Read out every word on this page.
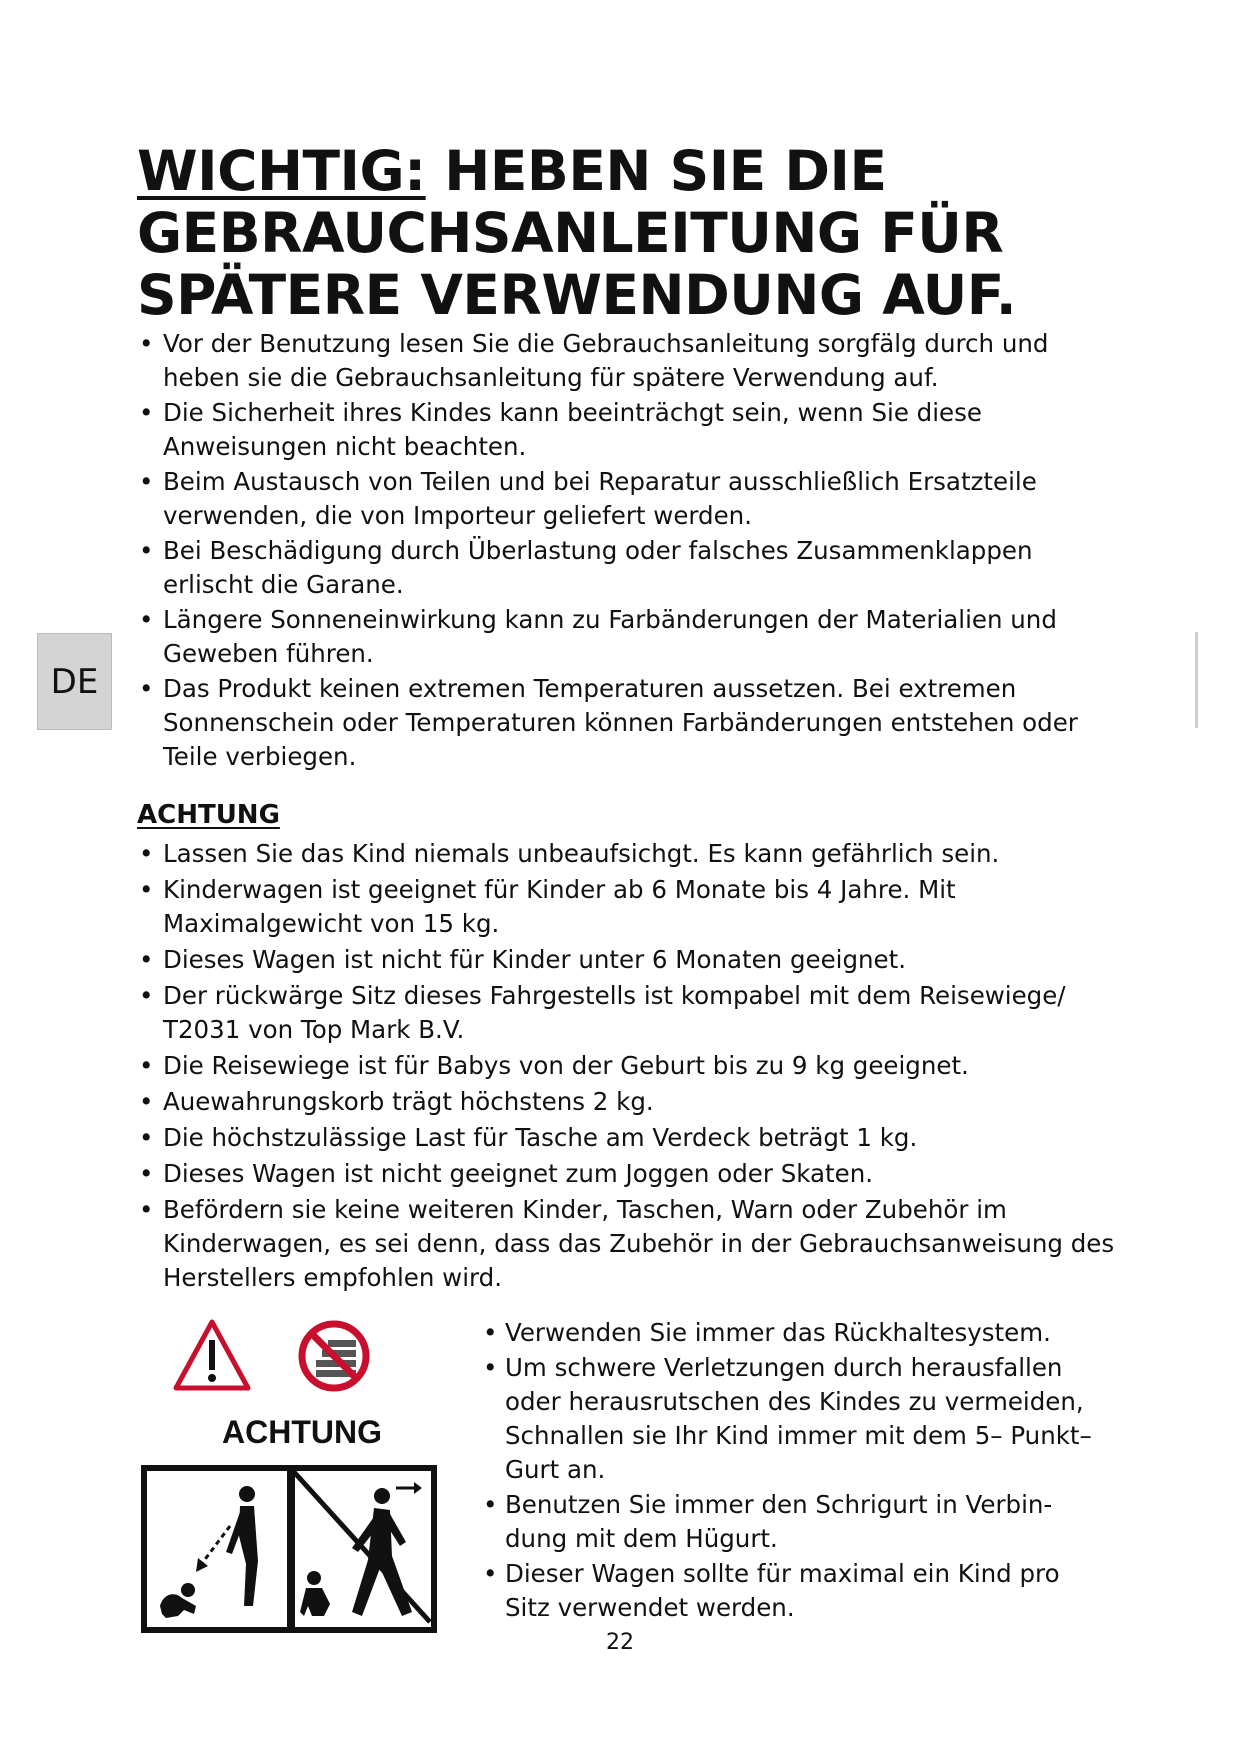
WICHTIG: HEBEN SIE DIE
GEBRAUCHSANLEITUNG FÜR
SPÄTERE VERWENDUNG AUF.
• Vor der Benutzung lesen Sie die Gebrauchsanleitung sorgfälg durch und heben sie die Gebrauchsanleitung für spätere Verwendung auf.
• Die Sicherheit ihres Kindes kann beeinträchgt sein, wenn Sie diese Anweisungen nicht beachten.
• Beim Austausch von Teilen und bei Reparatur ausschließlich Ersatzteile verwenden, die von Importeur geliefert werden.
• Bei Beschädigung durch Überlastung oder falsches Zusammenklappen erlischt die Garane.
• Längere Sonneneinwirkung kann zu Farbänderungen der Materialien und Geweben führen.
• Das Produkt keinen extremen Temperaturen aussetzen. Bei extremen Sonnenschein oder Temperaturen können Farbänderungen entstehen oder Teile verbiegen.
DE
ACHTUNG
• Lassen Sie das Kind niemals unbeaufsichgt. Es kann gefährlich sein.
• Kinderwagen ist geeignet für Kinder ab 6 Monate bis 4 Jahre. Mit Maximalgewicht von 15 kg.
• Dieses Wagen ist nicht für Kinder unter 6 Monaten geeignet.
• Der rückwärge Sitz dieses Fahrgestells ist kompabel mit dem Reisewiege/ T2031 von Top Mark B.V.
• Die Reisewiege ist für Babys von der Geburt bis zu 9 kg geeignet.
• Auewahrungskorb trägt höchstens 2 kg.
• Die höchstzulässige Last für Tasche am Verdeck beträgt 1 kg.
• Dieses Wagen ist nicht geeignet zum Joggen oder Skaten.
• Befördern sie keine weiteren Kinder, Taschen, Warn oder Zubehör im Kinderwagen, es sei denn, dass das Zubehör in der Gebrauchsanweisung des Herstellers empfohlen wird.
ACHTUNG
• Verwenden Sie immer das Rückhaltesystem.
• Um schwere Verletzungen durch herausfallen oder herausrutschen des Kindes zu vermeiden, Schnallen sie Ihr Kind immer mit dem 5– Punkt–Gurt an.
• Benutzen Sie immer den Schrigurt in Verbin-dung mit dem Hügurt.
• Dieser Wagen sollte für maximal ein Kind pro Sitz verwendet werden.
22
